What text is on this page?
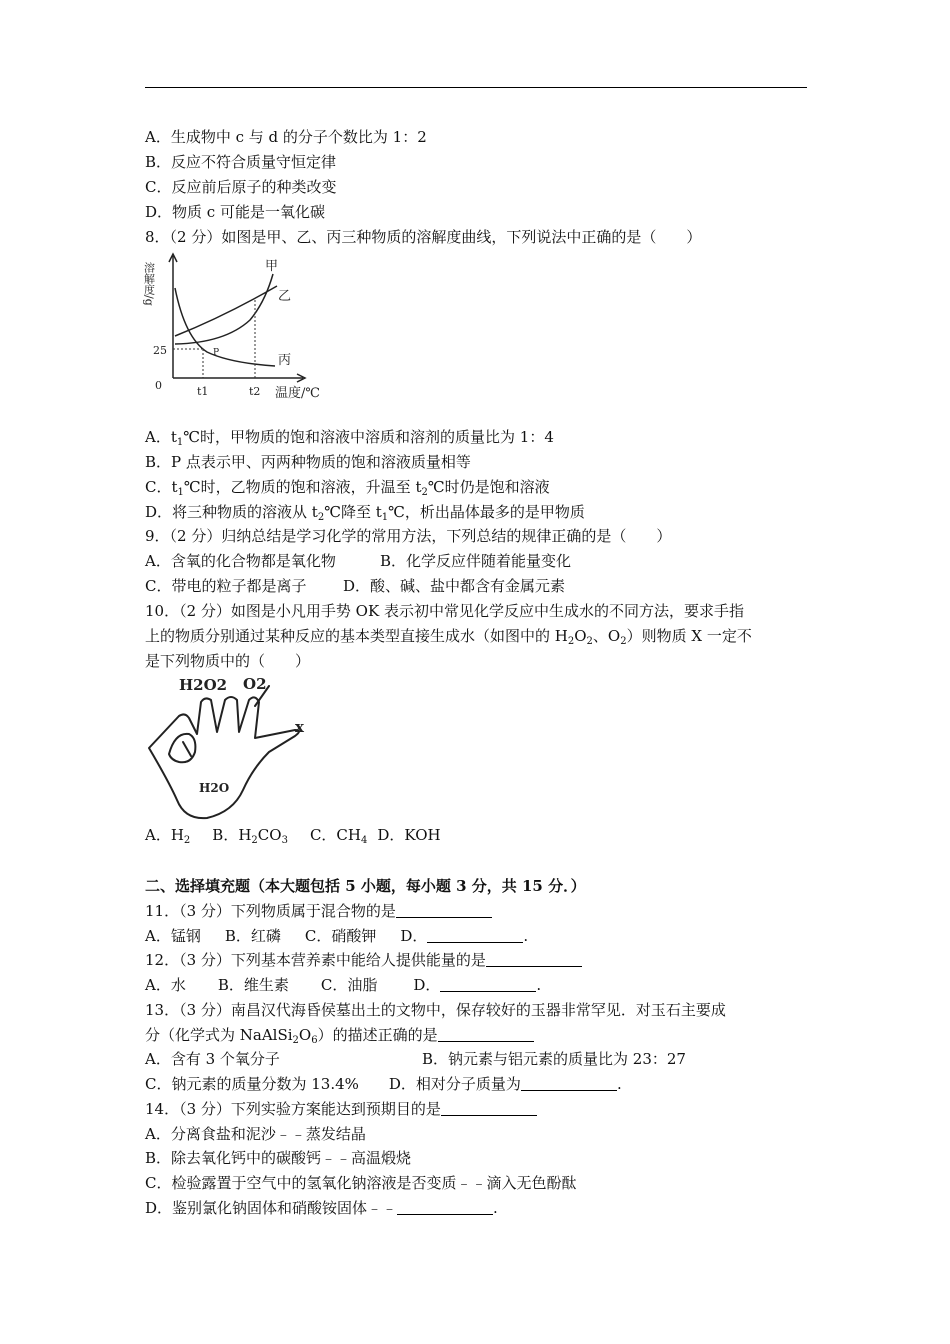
A．生成物中 c 与 d 的分子个数比为 1：2
B．反应不符合质量守恒定律
C．反应前后原子的种类改变
D．物质 c 可能是一氧化碳
8．（2 分）如图是甲、乙、丙三种物质的溶解度曲线，下列说法中正确的是（　　）
溶解度/g
25
0	t1	t2 温度/℃
甲
乙
丙
P
A．$t_1℃$时，甲物质的饱和溶液中溶质和溶剂的质量比为 1：4
B．P 点表示甲、丙两种物质的饱和溶液质量相等
C．$t_1℃$时，乙物质的饱和溶液，升温至 $t_2℃$时仍是饱和溶液
D．将三种物质的溶液从 $t_2℃$降至 $t_1℃$，析出晶体最多的是甲物质
9．（2 分）归纳总结是学习化学的常用方法，下列总结的规律正确的是（　　）
A．含氧的化合物都是氧化物	B．化学反应伴随着能量变化
C．带电的粒子都是离子 D．酸、碱、盐中都含有金属元素
10．（2 分）如图是小凡用手势 OK 表示初中常见化学反应中生成水的不同方法，要求手指
上的物质分别通过某种反应的基本类型直接生成水（如图中的 $H_2O_2$、$O_2$）则物质 X 一定不
是下列物质中的（　　）
H2O2 O2
x
H2O
A．$H_2$ B．$H_2CO_3$ C．$CH_4$ D．KOH
二、选择填充题（本大题包括 5 小题，每小题 3 分，共 15 分．）
11．（3 分）下列物质属于混合物的是
A．锰钢 B．红磷 C．硝酸钾 D．	.
12．（3 分）下列基本营养素中能给人提供能量的是
A．水 B．维生素 C．油脂 D．	.
13．（3 分）南昌汉代海昏侯墓出土的文物中，保存较好的玉器非常罕见．对玉石主要成
分（化学式为 $NaAlSi_2O_6$）的描述正确的是
A．含有 3 个氧分子	B．钠元素与铝元素的质量比为 23：27
C．钠元素的质量分数为 13.4% D．相对分子质量为	.
14．（3 分）下列实验方案能达到预期目的是
A．分离食盐和泥沙﹣﹣蒸发结晶
B．除去氧化钙中的碳酸钙﹣﹣高温煅烧
C．检验露置于空气中的氢氧化钠溶液是否变质﹣﹣滴入无色酚酞
D．鉴别氯化钠固体和硝酸铵固体﹣﹣	.
